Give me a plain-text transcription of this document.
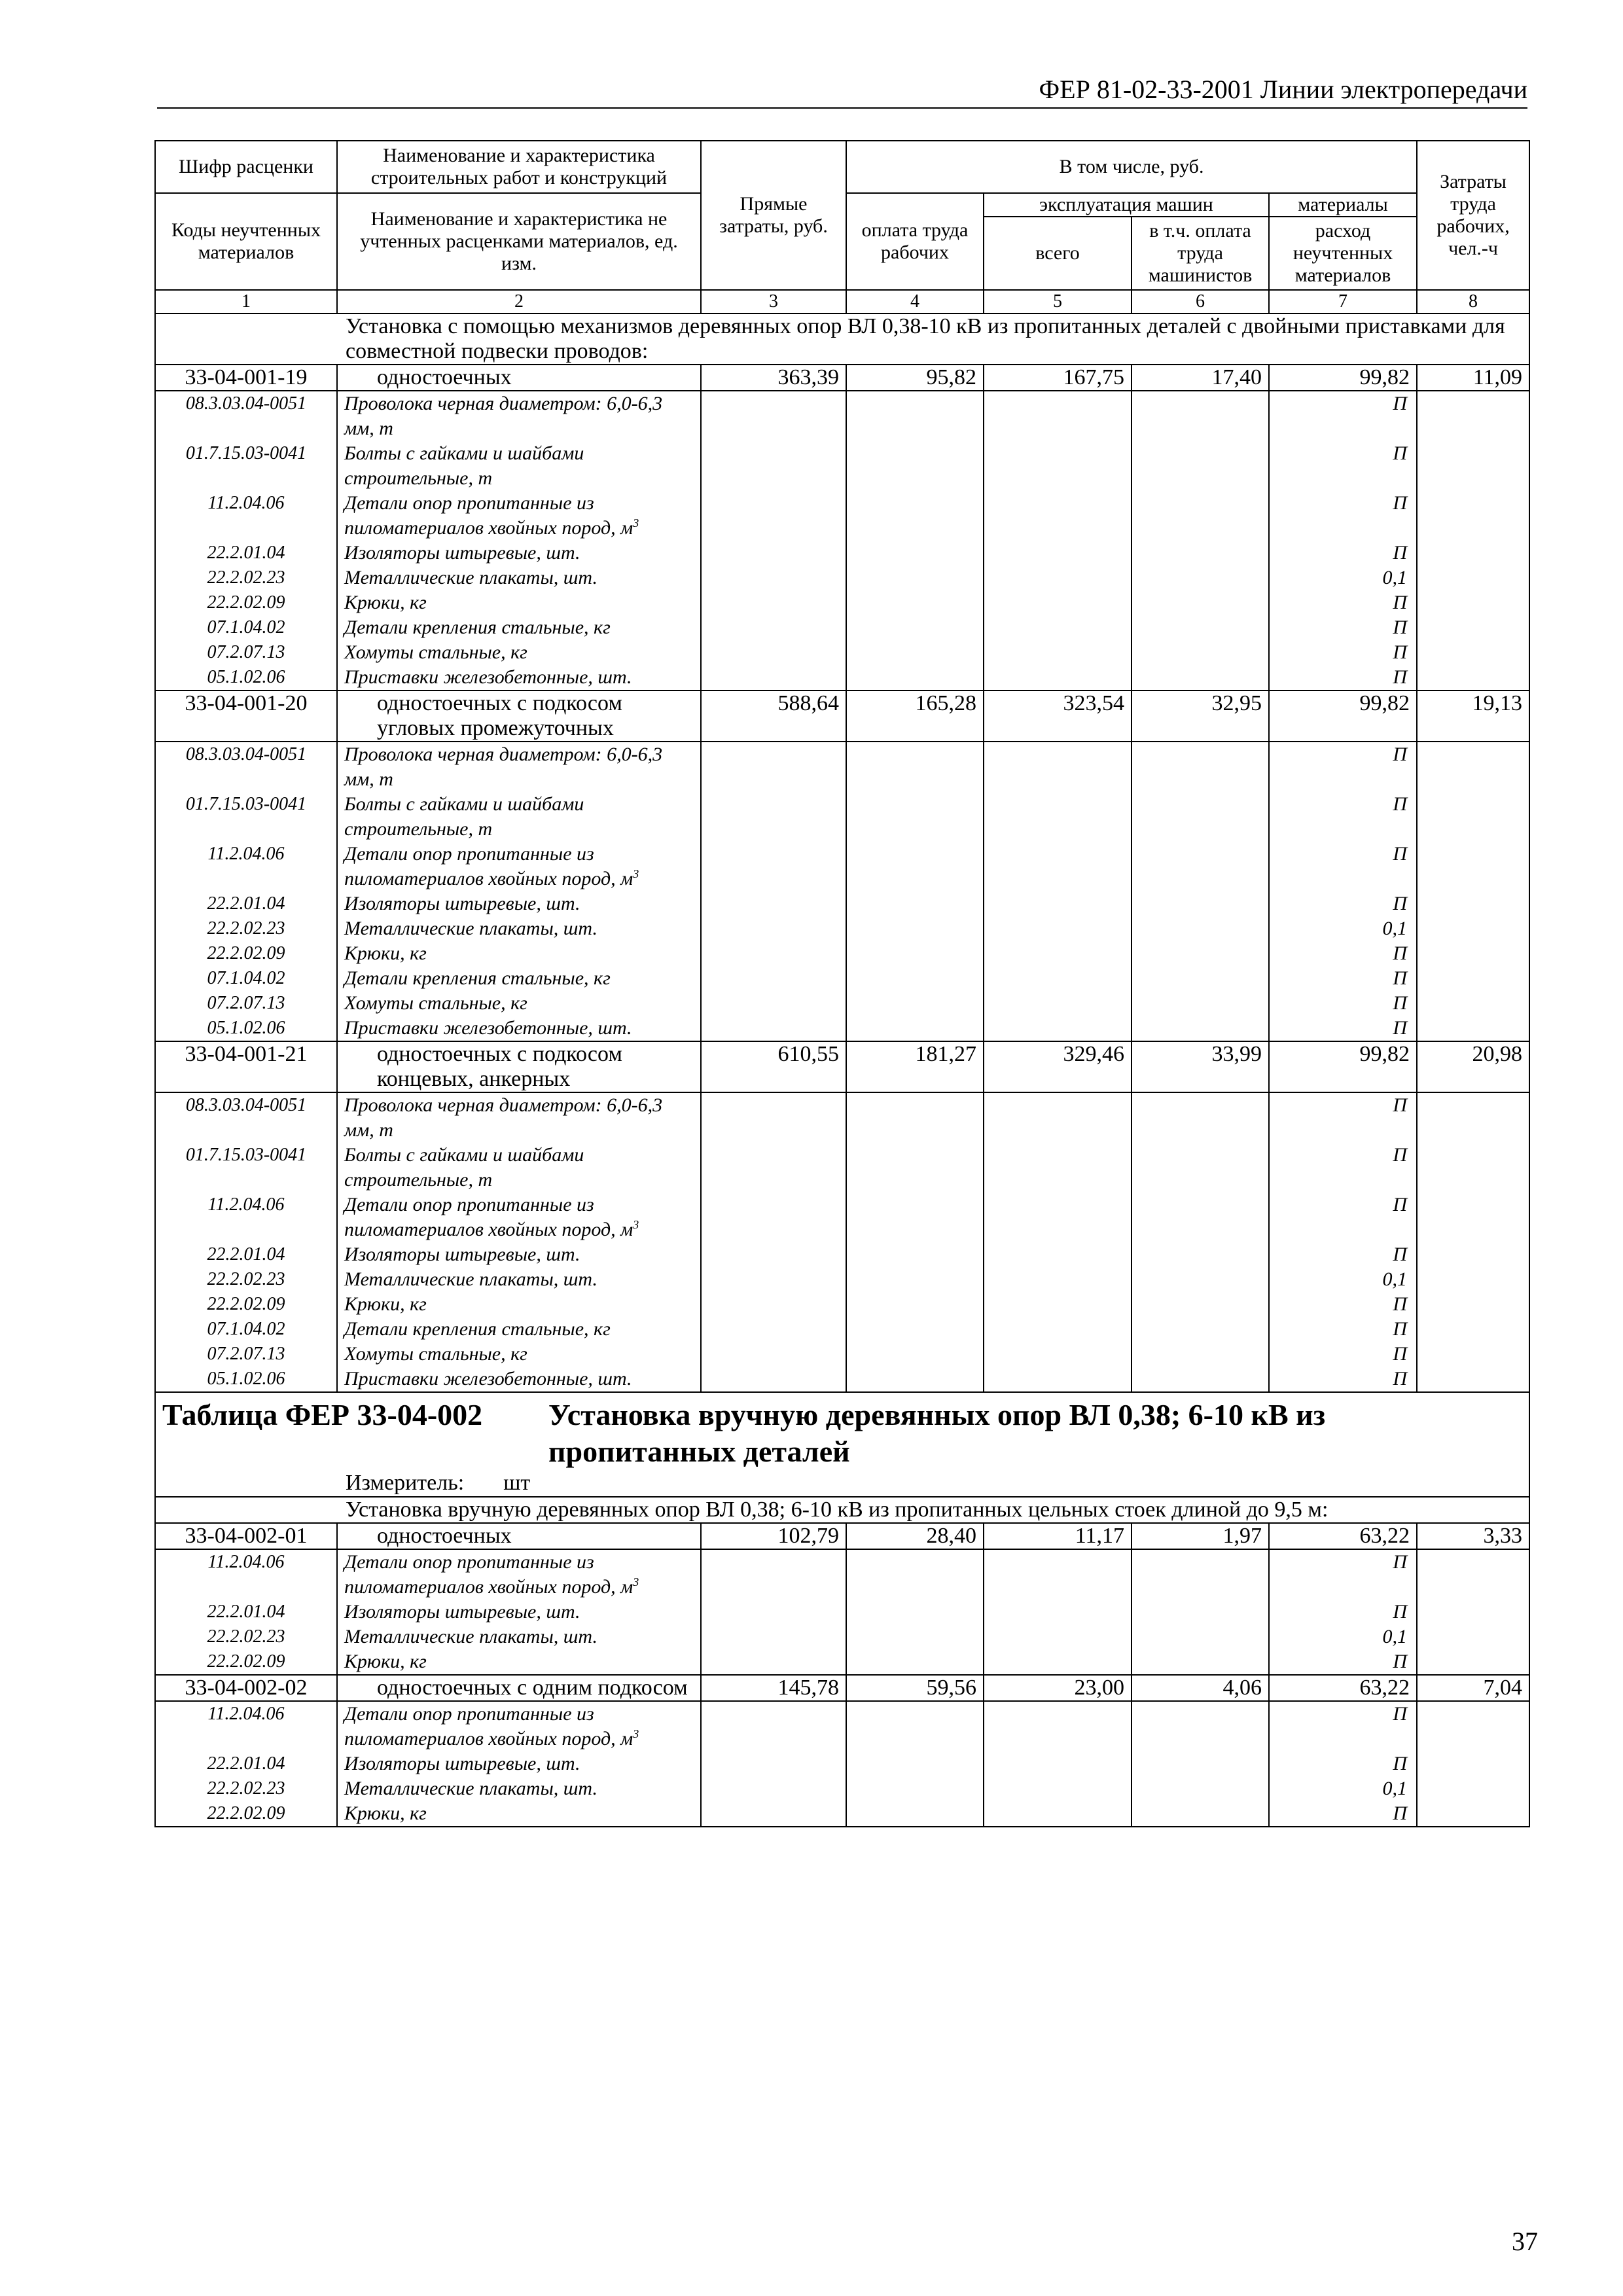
ФЕР 81-02-33-2001 Линии электропередачи
Шифр расценки	Наименование и характеристика строительных работ и конструкций	Прямые затраты, руб.	В том числе, руб.				Затраты труда рабочих, чел.-ч
Коды неучтенных материалов	Наименование и характеристика не учтенных расценками материалов, ед. изм.		оплата труда рабочих	эксплуатация машин		материалы	
				всего	в т.ч. оплата труда машинистов	расход неучтенных материалов	
1	2	3	4	5	6	7	8
Установка с помощью механизмов деревянных опор ВЛ 0,38-10 кВ из пропитанных деталей с двойными приставками для совместной подвески проводов:							
33-04-001-19	одностоечных	363,39	95,82	167,75	17,40	99,82	11,09
08.3.03.04-0051	Проволока черная диаметром: 6,0-6,3 мм, т					П	
01.7.15.03-0041	Болты с гайками и шайбами строительные, т					П	
11.2.04.06	Детали опор пропитанные из пиломатериалов хвойных пород, $м^3$					П	
22.2.01.04	Изоляторы штыревые, шт.					П	
22.2.02.23	Металлические плакаты, шт.					0,1	
22.2.02.09	Крюки, кг					П	
07.1.04.02	Детали крепления стальные, кг					П	
07.2.07.13	Хомуты стальные, кг					П	
05.1.02.06	Приставки железобетонные, шт.					П	
33-04-001-20	одностоечных с подкосом угловых промежуточных	588,64	165,28	323,54	32,95	99,82	19,13
08.3.03.04-0051	Проволока черная диаметром: 6,0-6,3 мм, т					П	
01.7.15.03-0041	Болты с гайками и шайбами строительные, т					П	
11.2.04.06	Детали опор пропитанные из пиломатериалов хвойных пород, $м^3$					П	
22.2.01.04	Изоляторы штыревые, шт.					П	
22.2.02.23	Металлические плакаты, шт.					0,1	
22.2.02.09	Крюки, кг					П	
07.1.04.02	Детали крепления стальные, кг					П	
07.2.07.13	Хомуты стальные, кг					П	
05.1.02.06	Приставки железобетонные, шт.					П	
33-04-001-21	одностоечных с подкосом концевых, анкерных	610,55	181,27	329,46	33,99	99,82	20,98
08.3.03.04-0051	Проволока черная диаметром: 6,0-6,3 мм, т					П	
01.7.15.03-0041	Болты с гайками и шайбами строительные, т					П	
11.2.04.06	Детали опор пропитанные из пиломатериалов хвойных пород, $м^3$					П	
22.2.01.04	Изоляторы штыревые, шт.					П	
22.2.02.23	Металлические плакаты, шт.					0,1	
22.2.02.09	Крюки, кг					П	
07.1.04.02	Детали крепления стальные, кг					П	
07.2.07.13	Хомуты стальные, кг					П	
05.1.02.06	Приставки железобетонные, шт.					П	
Таблица ФЕР 33-04-002 Установка вручную деревянных опор ВЛ 0,38; 6-10 кВ из пропитанных деталей							
Измеритель: шт							
Установка вручную деревянных опор ВЛ 0,38; 6-10 кВ из пропитанных цельных стоек длиной до 9,5 м:							
33-04-002-01	одностоечных	102,79	28,40	11,17	1,97	63,22	3,33
11.2.04.06	Детали опор пропитанные из пиломатериалов хвойных пород, $м^3$					П	
22.2.01.04	Изоляторы штыревые, шт.					П	
22.2.02.23	Металлические плакаты, шт.					0,1	
22.2.02.09	Крюки, кг					П	
33-04-002-02	одностоечных с одним подкосом	145,78	59,56	23,00	4,06	63,22	7,04
11.2.04.06	Детали опор пропитанные из пиломатериалов хвойных пород, $м^3$					П	
22.2.01.04	Изоляторы штыревые, шт.					П	
22.2.02.23	Металлические плакаты, шт.					0,1	
22.2.02.09	Крюки, кг					П	
37
